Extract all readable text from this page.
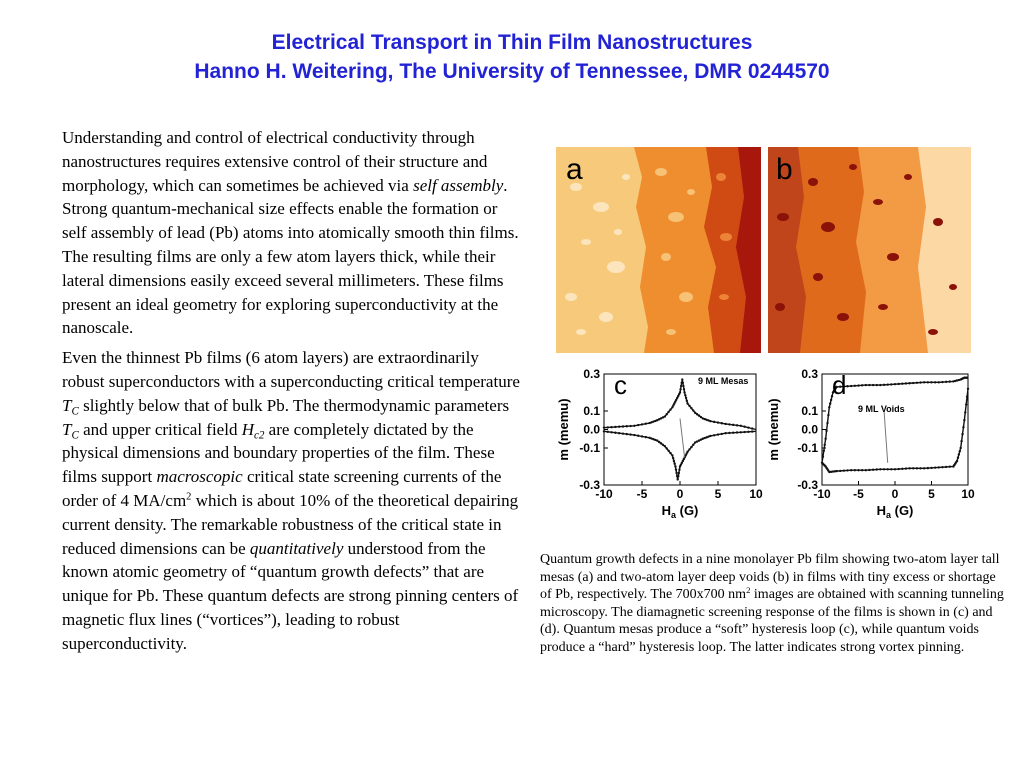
Electrical Transport in Thin Film Nanostructures
Hanno H. Weitering, The University of Tennessee, DMR 0244570

Understanding and control of electrical conductivity through nanostructures requires extensive control of their structure and morphology, which can sometimes be achieved via self assembly. Strong quantum-mechanical size effects enable the formation or self assembly of lead (Pb) atoms into atomically smooth thin films. The resulting films are only a few atom layers thick, while their lateral dimensions easily exceed several millimeters. These films present an ideal geometry for exploring superconductivity at the nanoscale.

Even the thinnest Pb films (6 atom layers) are extraordinarily robust superconductors with a superconducting critical temperature $T_C$ slightly below that of bulk Pb. The thermodynamic parameters $T_C$ and upper critical field $H_{c2}$ are completely dictated by the physical dimensions and boundary properties of the film. These films support macroscopic critical state screening currents of the order of 4 $MA/cm^2$ which is about 10% of the theoretical depairing current density. The remarkable robustness of the critical state in reduced dimensions can be quantitatively understood from the known atomic geometry of “quantum growth defects” that are unique for Pb. These quantum defects are strong pinning centers of magnetic flux lines (“vortices”), leading to robust superconductivity.

a	b
-10 -5 0	5 10
0.3
0.1
0.0
-0.1
-0.3
c	9 ML Mesas
$H_a$ (G)
m (memu)
-10 -5 0 5 10
0.3
0.1
0.0
-0.1
-0.3
d
9 ML Voids
$H_a$ (G)
m (memu)
Quantum growth defects in a nine monolayer Pb film showing two-atom layer tall mesas (a) and two-atom layer deep voids (b) in films with tiny excess or shortage of Pb, respectively. The 700x700 $nm^2$ images are obtained with scanning tunneling microscopy. The diamagnetic screening response of the films is shown in (c) and (d). Quantum mesas produce a “soft” hysteresis loop (c), while quantum voids produce a “hard” hysteresis loop. The latter indicates strong vortex pinning.
